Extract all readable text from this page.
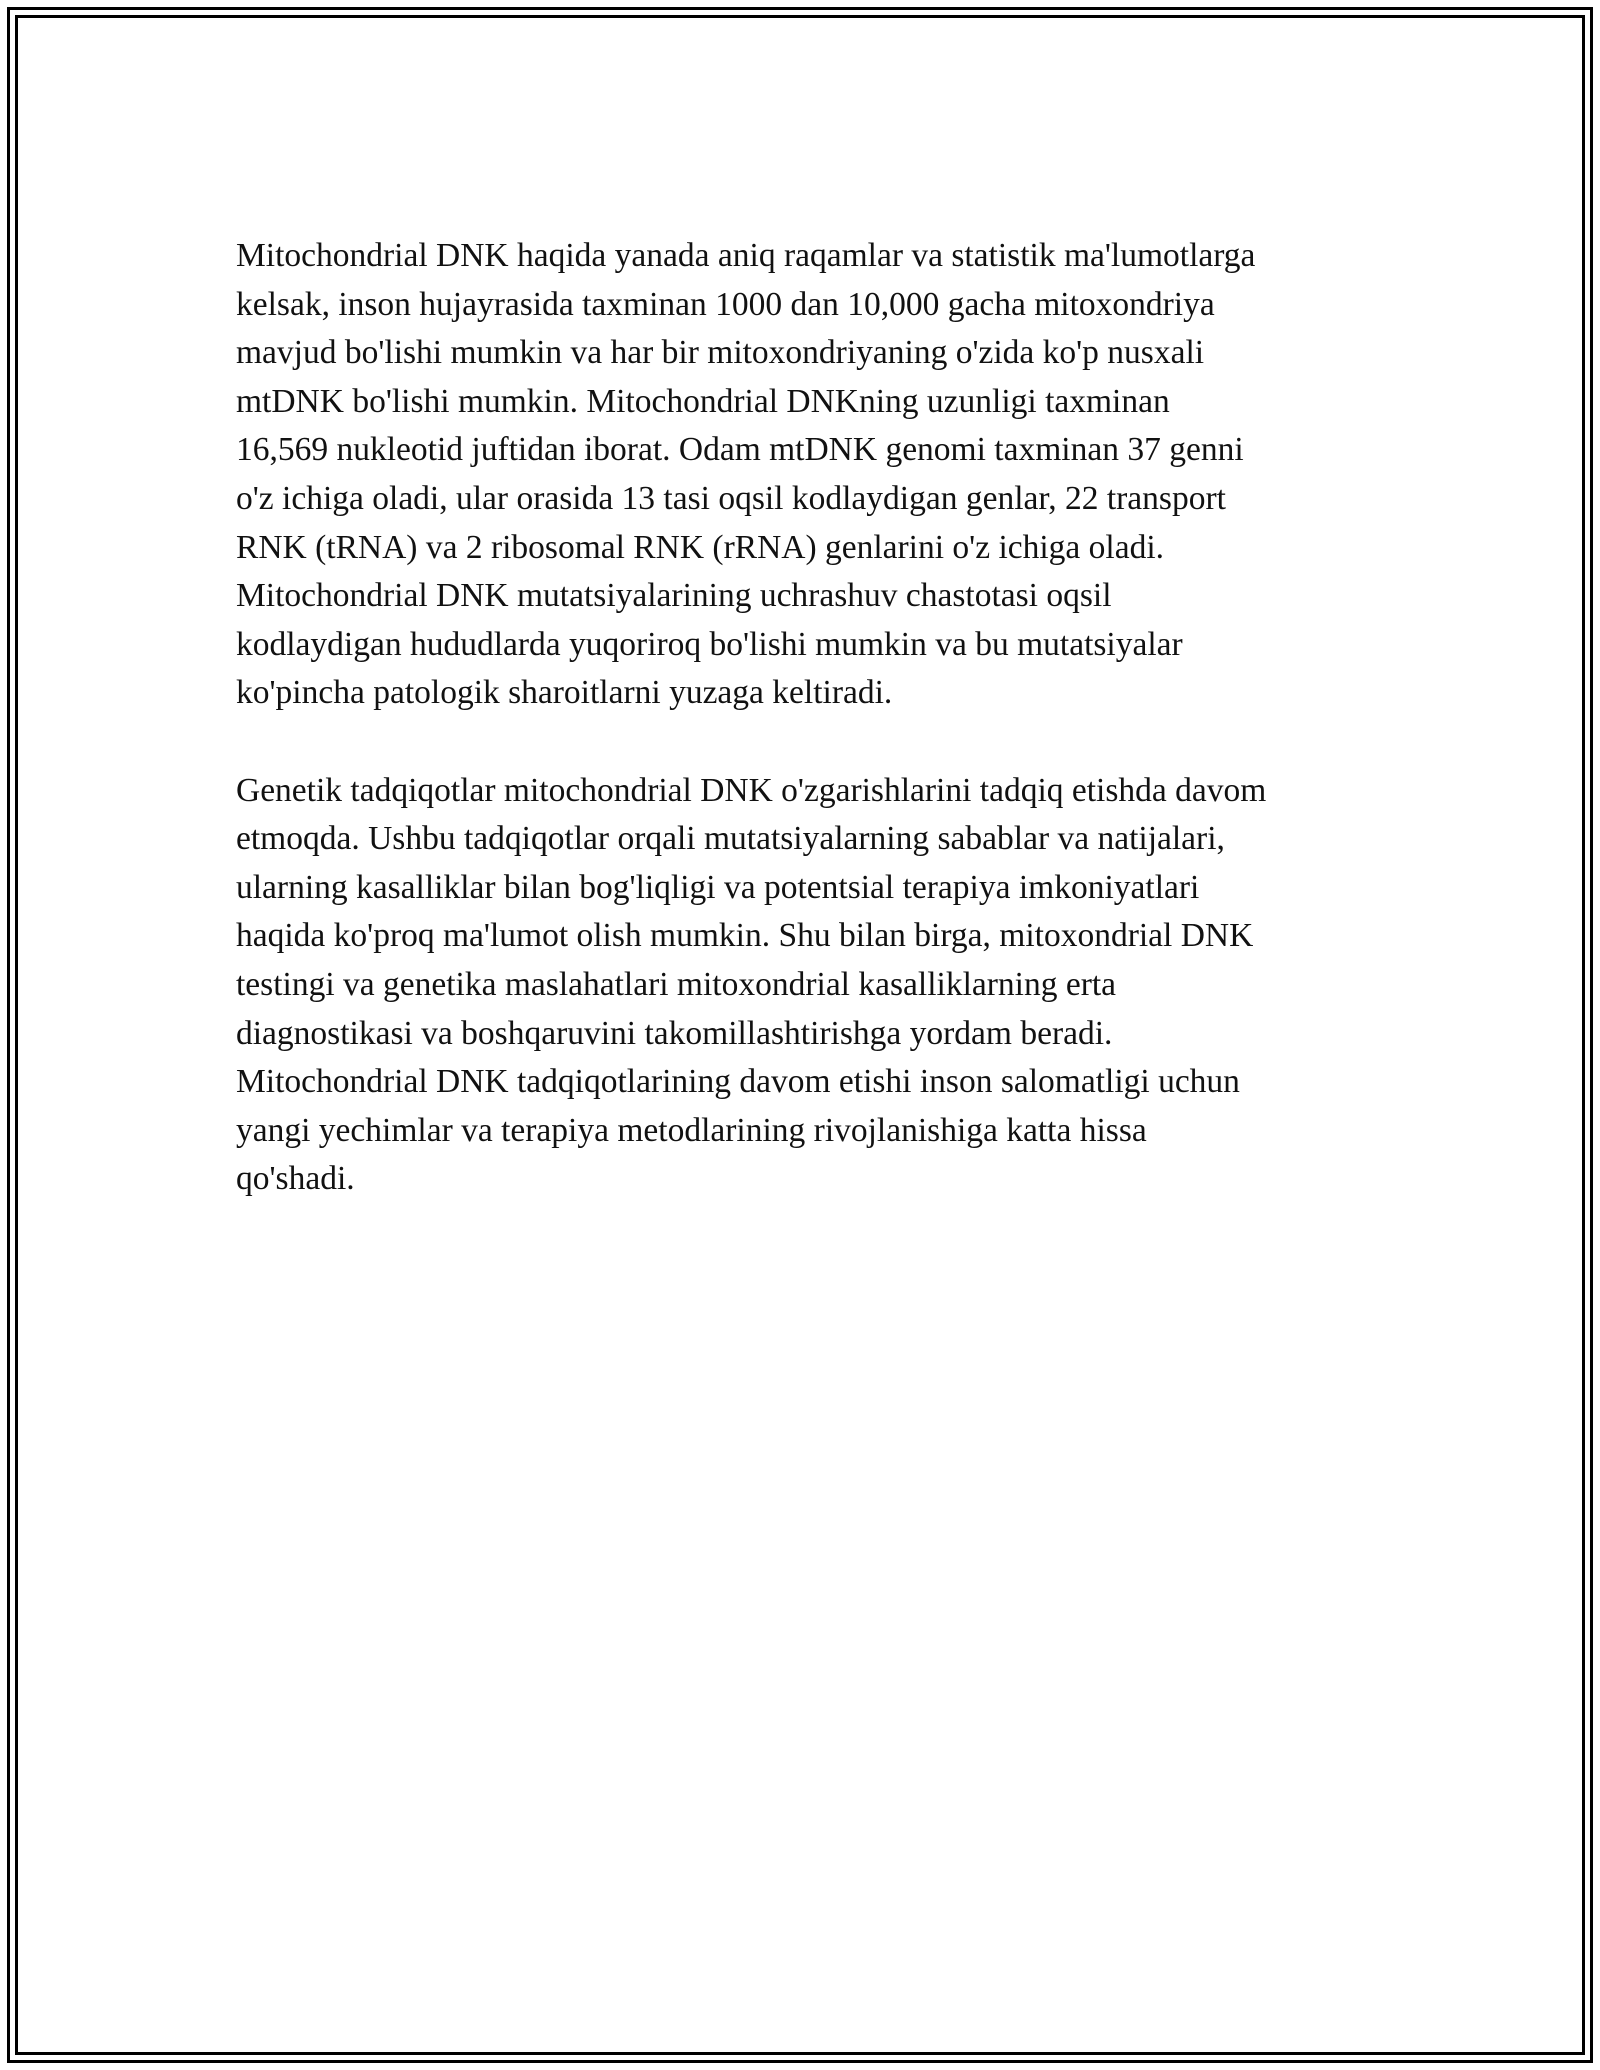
Mitochondrial DNK haqida yanada aniq raqamlar va statistik ma'lumotlarga
kelsak, inson hujayrasida taxminan 1000 dan 10,000 gacha mitoxondriya
mavjud bo'lishi mumkin va har bir mitoxondriyaning o'zida ko'p nusxali
mtDNK bo'lishi mumkin. Mitochondrial DNKning uzunligi taxminan
16,569 nukleotid juftidan iborat. Odam mtDNK genomi taxminan 37 genni
o'z ichiga oladi, ular orasida 13 tasi oqsil kodlaydigan genlar, 22 transport
RNK (tRNA) va 2 ribosomal RNK (rRNA) genlarini o'z ichiga oladi.
Mitochondrial DNK mutatsiyalarining uchrashuv chastotasi oqsil
kodlaydigan hududlarda yuqoriroq bo'lishi mumkin va bu mutatsiyalar
ko'pincha patologik sharoitlarni yuzaga keltiradi.

Genetik tadqiqotlar mitochondrial DNK o'zgarishlarini tadqiq etishda davom
etmoqda. Ushbu tadqiqotlar orqali mutatsiyalarning sabablar va natijalari,
ularning kasalliklar bilan bog'liqligi va potentsial terapiya imkoniyatlari
haqida ko'proq ma'lumot olish mumkin. Shu bilan birga, mitoxondrial DNK
testingi va genetika maslahatlari mitoxondrial kasalliklarning erta
diagnostikasi va boshqaruvini takomillashtirishga yordam beradi.
Mitochondrial DNK tadqiqotlarining davom etishi inson salomatligi uchun
yangi yechimlar va terapiya metodlarining rivojlanishiga katta hissa
qo'shadi.
